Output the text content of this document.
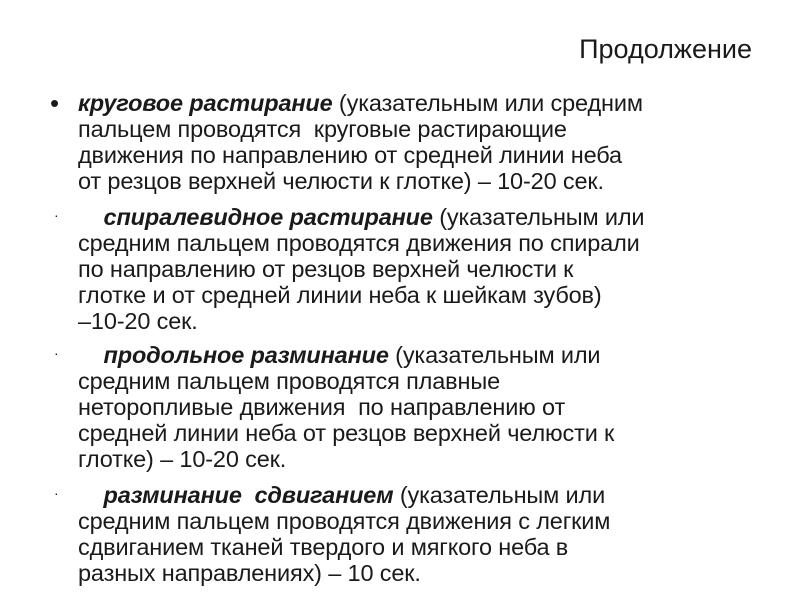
Продолжение
• круговое растирание (указательным или средним
пальцем проводятся  круговые растирающие
движения по направлению от средней линии неба
от резцов верхней челюсти к глотке) – 10-20 сек.
·	спиралевидное растирание (указательным или
средним пальцем проводятся движения по спирали
по направлению от резцов верхней челюсти к
глотке и от средней линии неба к шейкам зубов)
–10-20 сек.
·	продольное разминание (указательным или
средним пальцем проводятся плавные
неторопливые движения  по направлению от
средней линии неба от резцов верхней челюсти к
глотке) – 10-20 сек.
·	разминание  сдвиганием (указательным или
средним пальцем проводятся движения с легким
сдвиганием тканей твердого и мягкого неба в
разных направлениях) – 10 сек.
